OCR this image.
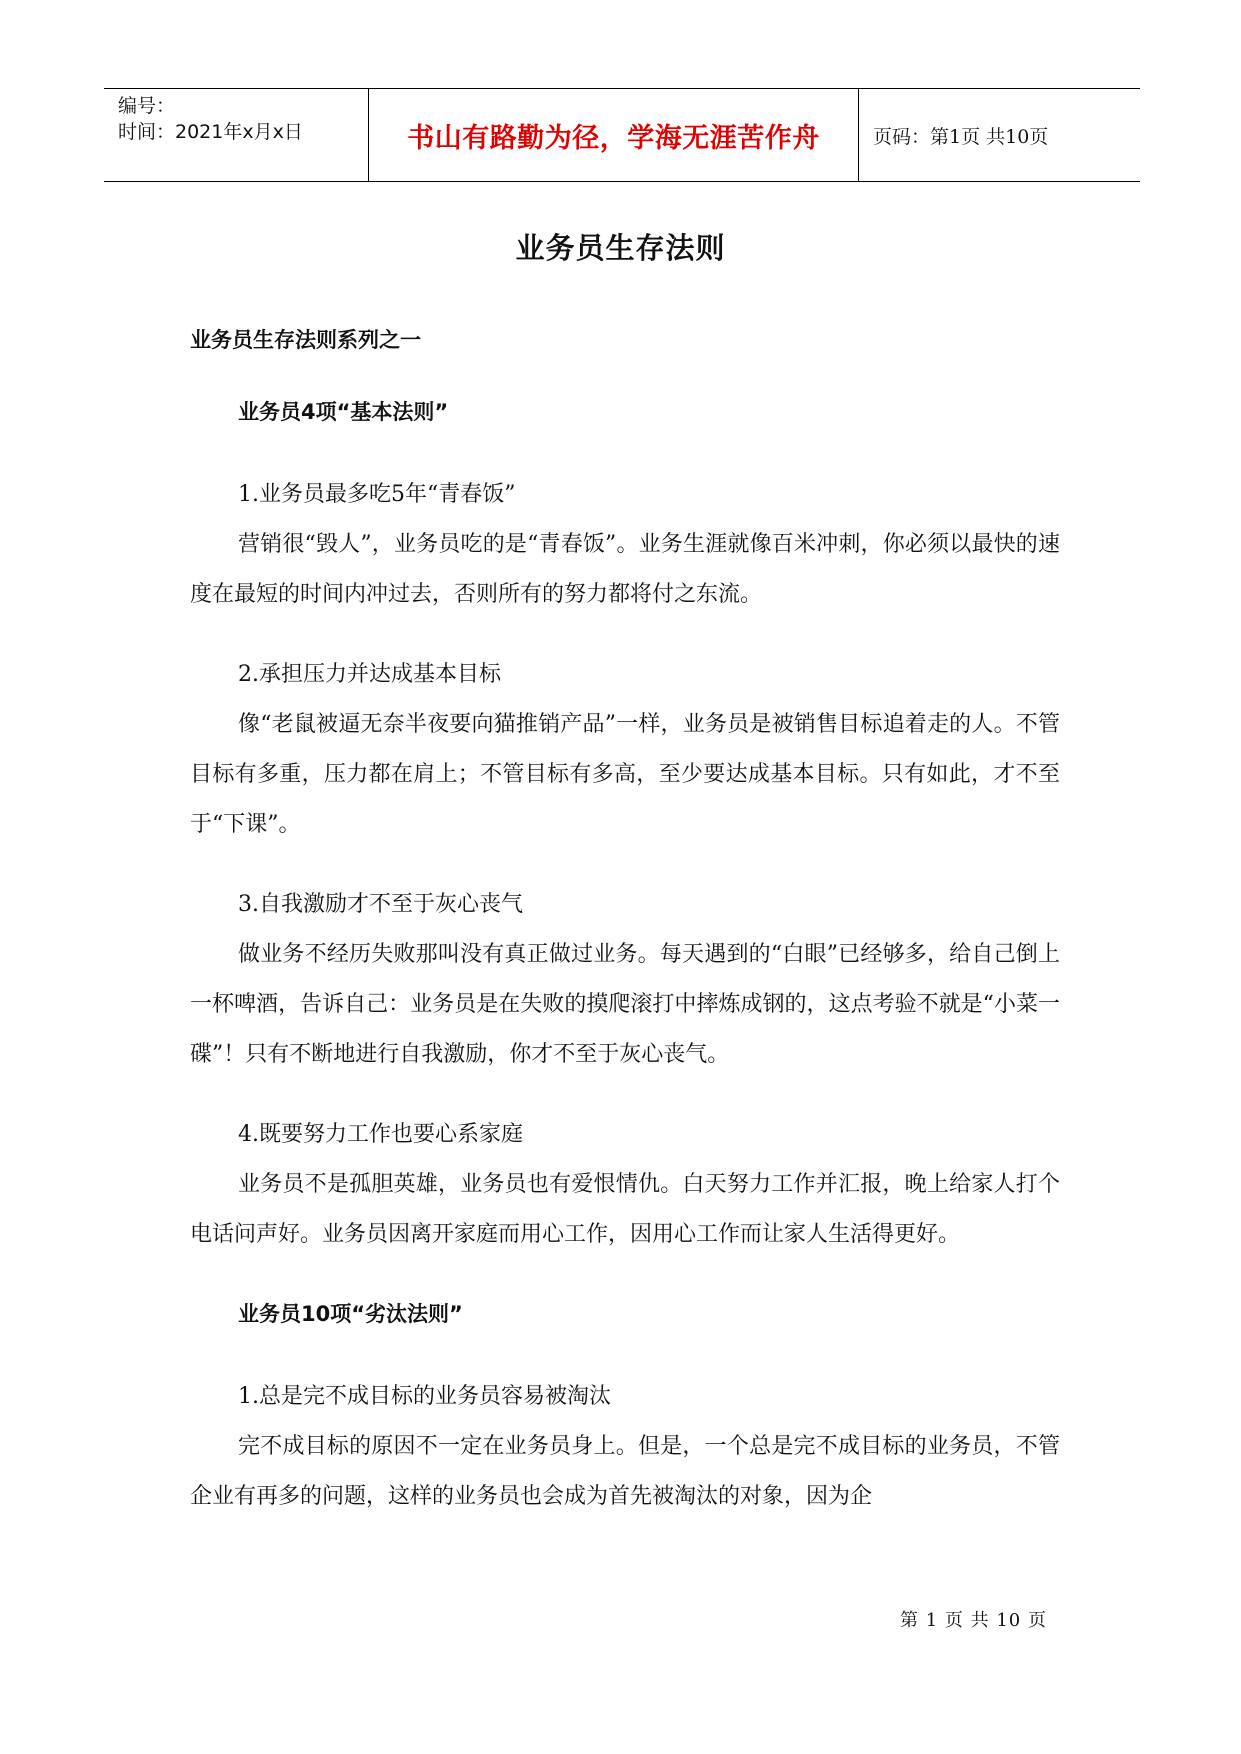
编号：
时间：2021年x月x日	书山有路勤为径，学海无涯苦作舟	页码：第1页 共10页
业务员生存法则
业务员生存法则系列之一
业务员4项“基本法则”
1.业务员最多吃5年“青春饭”

营销很“毁人”，业务员吃的是“青春饭”。业务生涯就像百米冲刺，你必须以最快的速度在最短的时间内冲过去，否则所有的努力都将付之东流。

2.承担压力并达成基本目标

像“老鼠被逼无奈半夜要向猫推销产品”一样，业务员是被销售目标追着走的人。不管目标有多重，压力都在肩上；不管目标有多高，至少要达成基本目标。只有如此，才不至于“下课”。

3.自我激励才不至于灰心丧气

做业务不经历失败那叫没有真正做过业务。每天遇到的“白眼”已经够多，给自己倒上一杯啤酒，告诉自己：业务员是在失败的摸爬滚打中摔炼成钢的，这点考验不就是“小菜一碟”！只有不断地进行自我激励，你才不至于灰心丧气。

4.既要努力工作也要心系家庭

业务员不是孤胆英雄，业务员也有爱恨情仇。白天努力工作并汇报，晚上给家人打个电话问声好。业务员因离开家庭而用心工作，因用心工作而让家人生活得更好。

业务员10项“劣汰法则”
1.总是完不成目标的业务员容易被淘汰

完不成目标的原因不一定在业务员身上。但是，一个总是完不成目标的业务员，不管企业有再多的问题，这样的业务员也会成为首先被淘汰的对象，因为企

第 1 页 共 10 页
